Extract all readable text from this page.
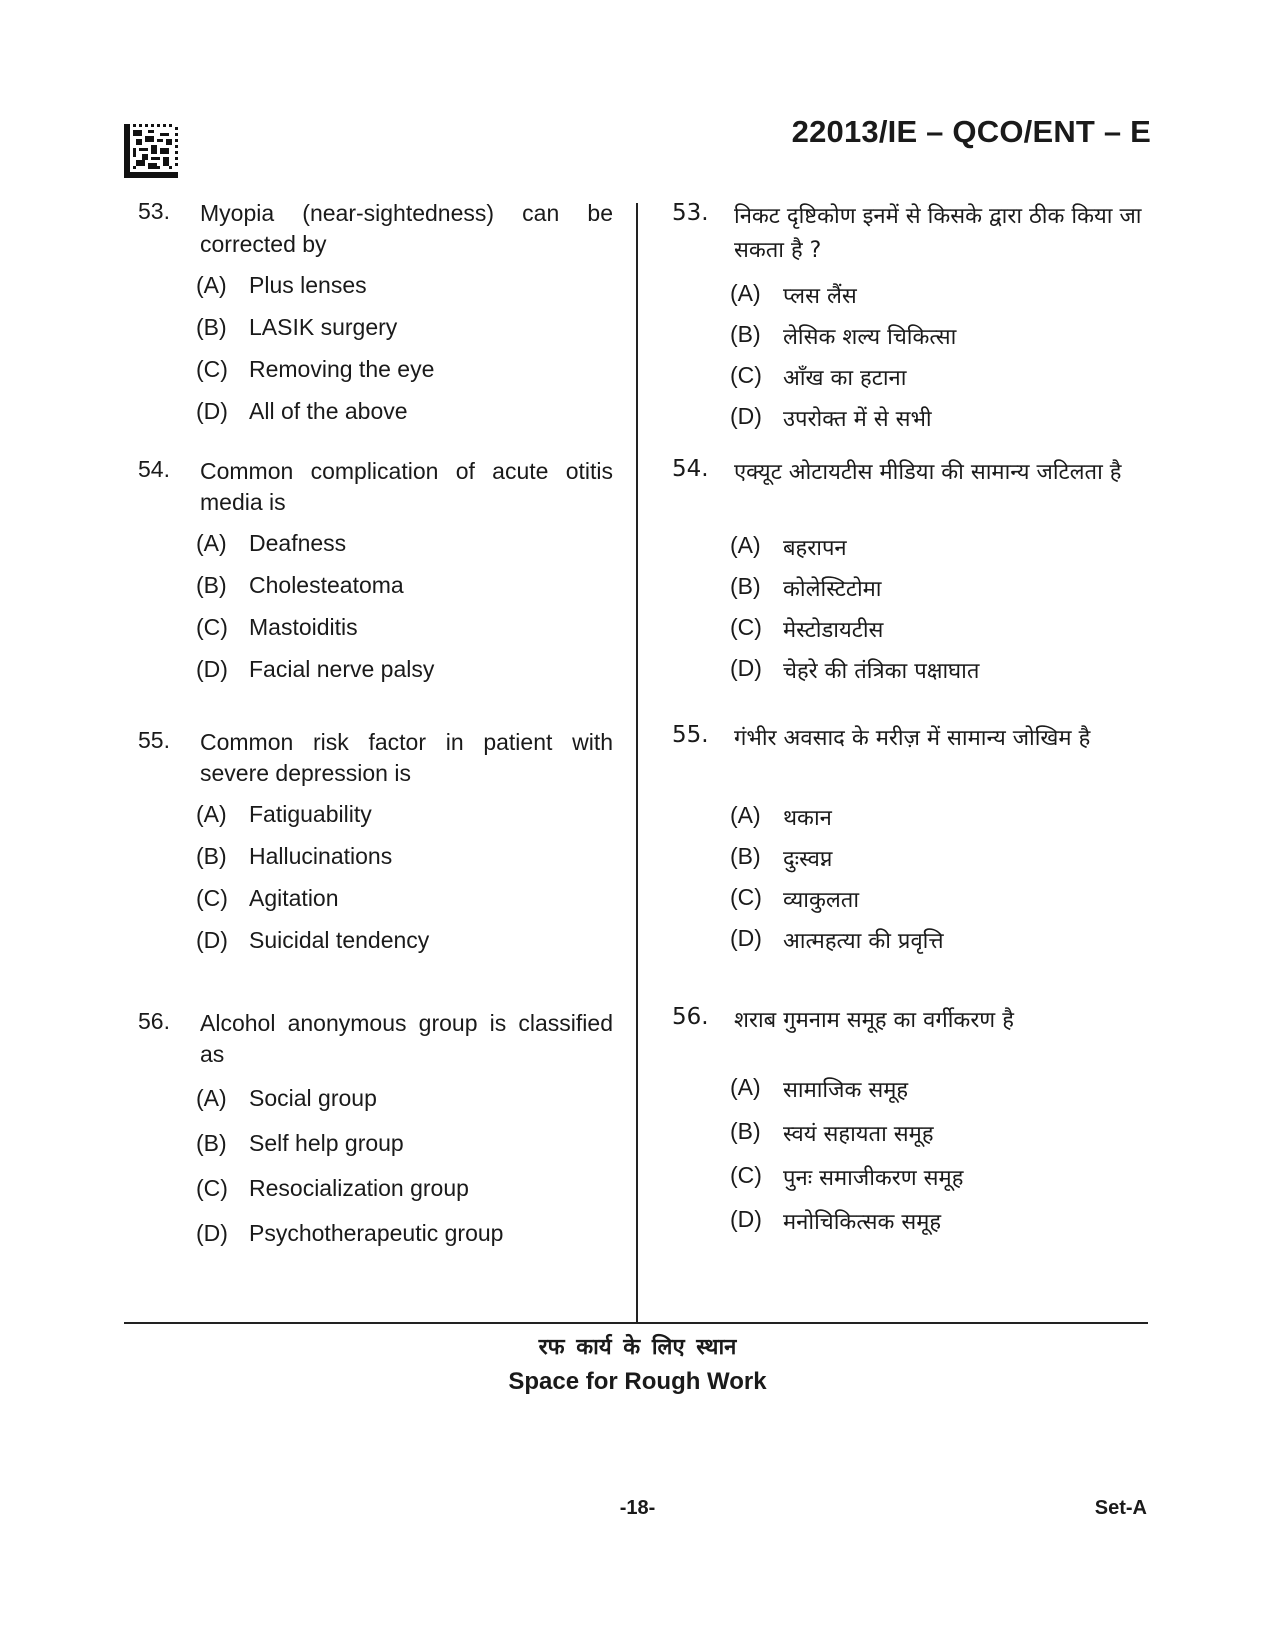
22013/IE – QCO/ENT – E
53. Myopia (near-sightedness) can be corrected by
(A) Plus lenses
(B) LASIK surgery
(C) Removing the eye
(D) All of the above
54. Common complication of acute otitis media is
(A) Deafness
(B) Cholesteatoma
(C) Mastoiditis
(D) Facial nerve palsy
55. Common risk factor in patient with severe depression is
(A) Fatiguability
(B) Hallucinations
(C) Agitation
(D) Suicidal tendency
56. Alcohol anonymous group is classified as
(A) Social group
(B) Self help group
(C) Resocialization group
(D) Psychotherapeutic group
53. निकट दृष्टिकोण इनमें से किसके द्वारा ठीक किया जा सकता है ?
(A)	प्लस लैंस
(B)	लेसिक शल्य चिकित्सा
(C) आँख का हटाना
(D) उपरोक्त में से सभी
54. एक्यूट ओटायटीस मीडिया की सामान्य जटिलता है
(A)	बहरापन
(B)	कोलेस्टिटोमा
(C) मेस्टोडायटीस
(D) चेहरे की तंत्रिका पक्षाघात
55. गंभीर अवसाद के मरीज़ में सामान्य जोखिम है
(A)	थकान
(B)	दुःस्वप्न
(C) व्याकुलता
(D) आत्महत्या की प्रवृत्ति
56. शराब गुमनाम समूह का वर्गीकरण है
(A)	सामाजिक समूह
(B)	स्वयं सहायता समूह
(C) पुनः समाजीकरण समूह
(D) मनोचिकित्सक समूह
रफ कार्य के लिए स्थान
Space for Rough Work
-18-	Set-A
